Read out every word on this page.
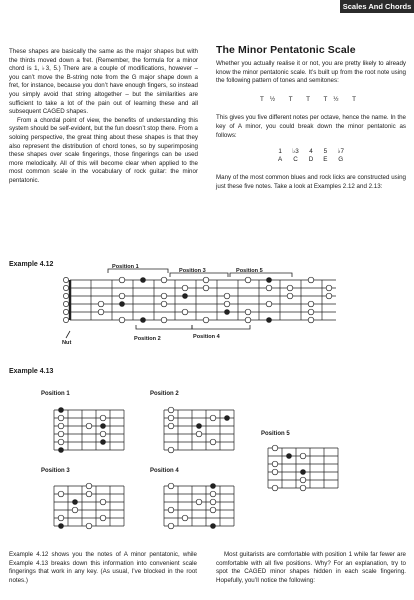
Scales And Chords

These shapes are basically the same as the major shapes but with the thirds moved down a fret. (Remember, the formula for a minor chord is 1, ♭3, 5.) There are a couple of modifications, however – you can’t move the B-string note from the G major shape down a fret, for instance, because you don’t have enough fingers, so instead you simply avoid that string altogether – but the similarities are sufficient to take a lot of the pain out of learning these and all subsequent CAGED shapes.

From a chordal point of view, the benefits of understanding this system should be self-evident, but the fun doesn’t stop there. From a soloing perspective, the great thing about these shapes is that they also represent the distribution of chord tones, so by superimposing these shapes over scale fingerings, those fingerings can be used more melodically. All of this will become clear when applied to the most common scale in the vocabulary of rock guitar: the minor pentatonic.

The Minor Pentatonic Scale

Whether you actually realise it or not, you are pretty likely to already know the minor pentatonic scale. It’s built up from the root note using the following pattern of tones and semitones:

T½ T T T½ T

This gives you five different notes per octave, hence the name. In the key of A minor, you could break down the minor pentatonic as follows:

1	♭3	4	5	♭7
A	C	D	E	G

Many of the most common blues and rock licks are constructed using just these five notes. Take a look at Examples 2.12 and 2.13:

Example 4.12	Position 1
Position 3	Position 5
Position 2	Position 4
Nut
Example 4.13
Position 1	Position 2
Position 3	Position 4
Position 5
Example 4.12 shows you the notes of A minor pentatonic, while Example 4.13 breaks down this information into convenient scale fingerings that work in any key. (As usual, I’ve blocked in the root notes.)
Most guitarists are comfortable with position 1 while far fewer are comfortable with all five positions. Why? For an explanation, try to spot the CAGED minor shapes hidden in each scale fingering. Hopefully, you’ll notice the following:
